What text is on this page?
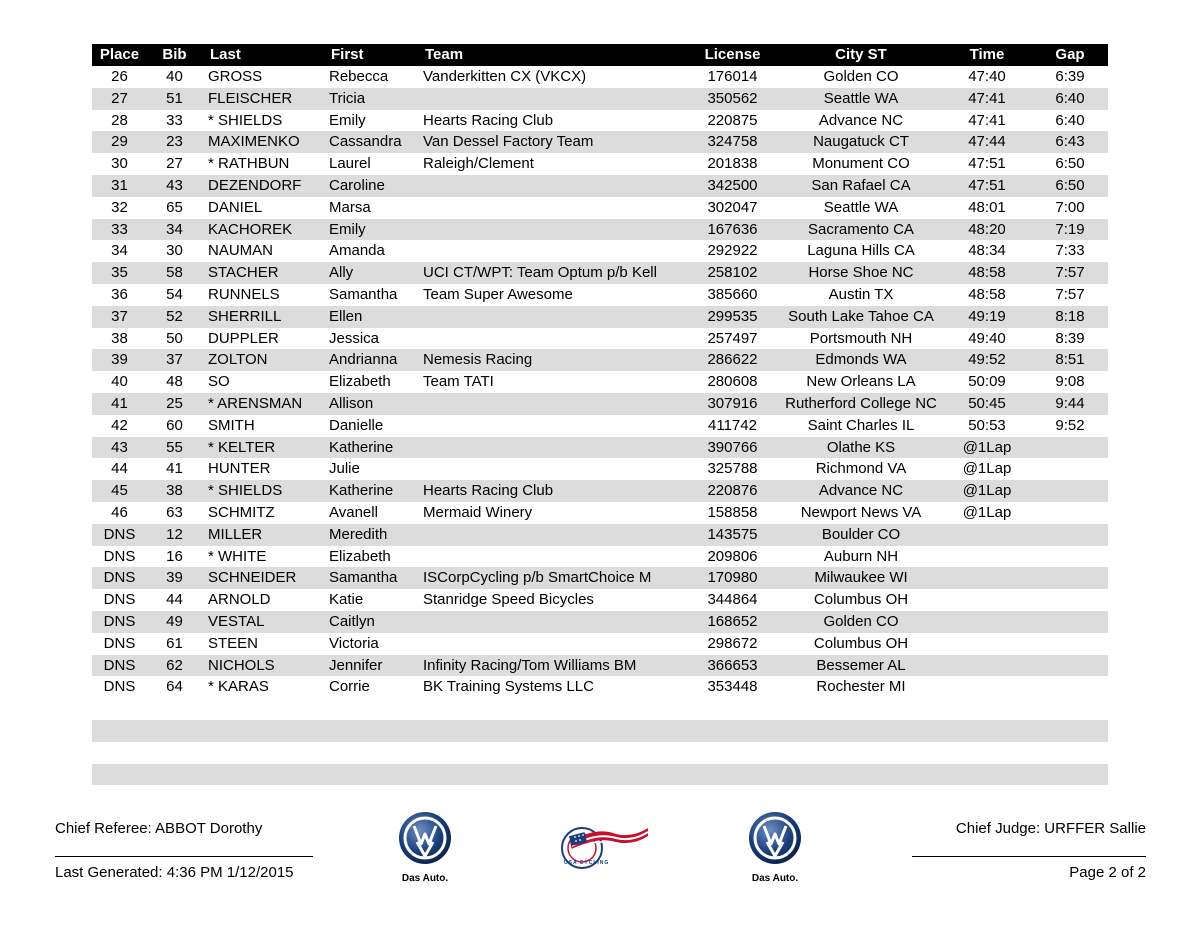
Place	Bib	Last	First	Team	License	City ST	Time	Gap
26	40	GROSS	Rebecca	Vanderkitten CX (VKCX)	176014	Golden CO	47:40	6:39
27	51	FLEISCHER	Tricia		350562	Seattle WA	47:41	6:40
28	33	* SHIELDS	Emily	Hearts Racing Club	220875	Advance NC	47:41	6:40
29	23	MAXIMENKO	Cassandra	Van Dessel Factory Team	324758	Naugatuck CT	47:44	6:43
30	27	* RATHBUN	Laurel	Raleigh/Clement	201838	Monument CO	47:51	6:50
31	43	DEZENDORF	Caroline		342500	San Rafael CA	47:51	6:50
32	65	DANIEL	Marsa		302047	Seattle WA	48:01	7:00
33	34	KACHOREK	Emily		167636	Sacramento CA	48:20	7:19
34	30	NAUMAN	Amanda		292922	Laguna Hills CA	48:34	7:33
35	58	STACHER	Ally	UCI CT/WPT: Team Optum p/b Kell	258102	Horse Shoe NC	48:58	7:57
36	54	RUNNELS	Samantha	Team Super Awesome	385660	Austin TX	48:58	7:57
37	52	SHERRILL	Ellen		299535	South Lake Tahoe CA	49:19	8:18
38	50	DUPPLER	Jessica		257497	Portsmouth NH	49:40	8:39
39	37	ZOLTON	Andrianna	Nemesis Racing	286622	Edmonds WA	49:52	8:51
40	48	SO	Elizabeth	Team TATI	280608	New Orleans LA	50:09	9:08
41	25	* ARENSMAN	Allison		307916	Rutherford College NC	50:45	9:44
42	60	SMITH	Danielle		411742	Saint Charles IL	50:53	9:52
43	55	* KELTER	Katherine		390766	Olathe KS	@1Lap	
44	41	HUNTER	Julie		325788	Richmond VA	@1Lap	
45	38	* SHIELDS	Katherine	Hearts Racing Club	220876	Advance NC	@1Lap	
46	63	SCHMITZ	Avanell	Mermaid Winery	158858	Newport News VA	@1Lap	
DNS	12	MILLER	Meredith		143575	Boulder CO		
DNS	16	* WHITE	Elizabeth		209806	Auburn NH		
DNS	39	SCHNEIDER	Samantha	ISCorpCycling p/b SmartChoice M	170980	Milwaukee WI		
DNS	44	ARNOLD	Katie	Stanridge Speed Bicycles	344864	Columbus OH		
DNS	49	VESTAL	Caitlyn		168652	Golden CO		
DNS	61	STEEN	Victoria		298672	Columbus OH		
DNS	62	NICHOLS	Jennifer	Infinity Racing/Tom Williams BM	366653	Bessemer AL		
DNS	64	* KARAS	Corrie	BK Training Systems LLC	353448	Rochester MI		

Chief Referee: ABBOT Dorothy
Last Generated: 4:36 PM 1/12/2015
Chief Judge: URFFER Sallie
Page 2 of 2
Das Auto.
USA CYCLING
Das Auto.
